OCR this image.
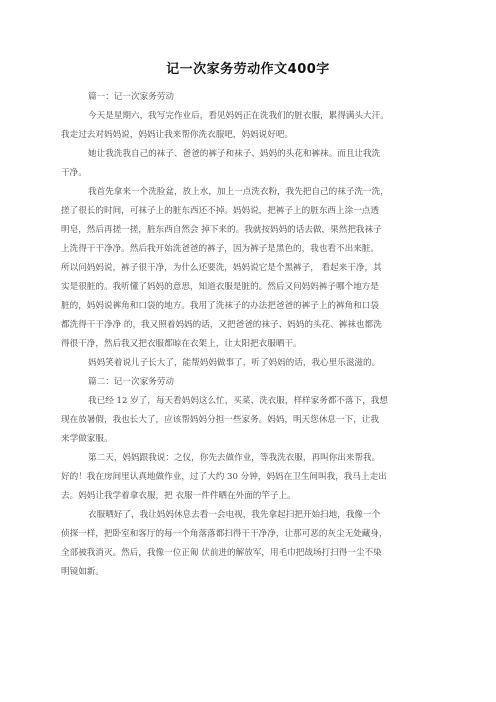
记一次家务劳动作文400字
篇一：记一次家务劳动
今天是星期六，我写完作业后，看见妈妈正在洗我们的脏衣服，累得满头大汗。
我走过去对妈妈说，妈妈让我来帮你洗衣服吧，妈妈说好吧。
她让我洗我自己的袜子、爸爸的裤子和袜子、妈妈的头花和裤袜。而且让我洗
干净。
我首先拿来一个洗脸盆，放上水，加上一点洗衣粉，我先把自己的袜子洗一洗，
搓了很长的时间，可袜子上的脏东西还不掉。妈妈说，把裤子上的脏东西上涂一点透
明皂，然后再搓一搓，脏东西自然会 掉下来的。我就按妈妈的话去做，果然把我袜子
上洗得干干净净。然后我开始洗爸爸的裤子，因为裤子是黑色的，我也看不出来脏。
所以问妈妈说，裤子很干净，为什么还要洗，妈妈说它是个黑裤子， 看起来干净，其
实是很脏的。我听懂了妈妈的意思，知道衣服是脏的。然后又问妈妈裤子哪个地方是
脏的，妈妈说裤角和口袋的地方。我用了洗袜子的办法把爸爸的裤子上的裤角和口袋
都洗得干干净净 的，我又照着妈妈的话，又把爸爸的袜子、妈妈的头花、裤袜也都洗
得很干净，然后我又把衣服都晾在衣架上，让太阳把衣服晒干。
妈妈笑着说儿子长大了，能帮妈妈做事了，听了妈妈的话，我心里乐滋滋的。
篇二：记一次家务劳动
我已经 12 岁了，每天看妈妈这么忙，买菜、洗衣服，样样家务都不落下，我想
现在放暑假，我也长大了，应该帮妈妈分担一些家务。妈妈，明天您休息一下，让我
来学做家服。
第二天，妈妈跟我说：之仪，你先去做作业，等我洗衣服，再叫你出来帮我。
好的！我在房间里认真地做作业，过了大约 30 分钟，妈妈在卫生间叫我，我马上走出
去。妈妈让我学着拿衣服，把 衣服一件件晒在外面的竿子上。
衣服晒好了，我让妈妈休息去看一会电视，我先拿起扫把开始扫地，我像一个
侦探一样，把卧室和客厅的每一个角落落都扫得干干净净，让那可恶的灰尘无处藏身，
全部被我消灭。然后，我像一位正匍 伏前进的解放军，用毛巾把战场打扫得一尘不染
明镜如新。
